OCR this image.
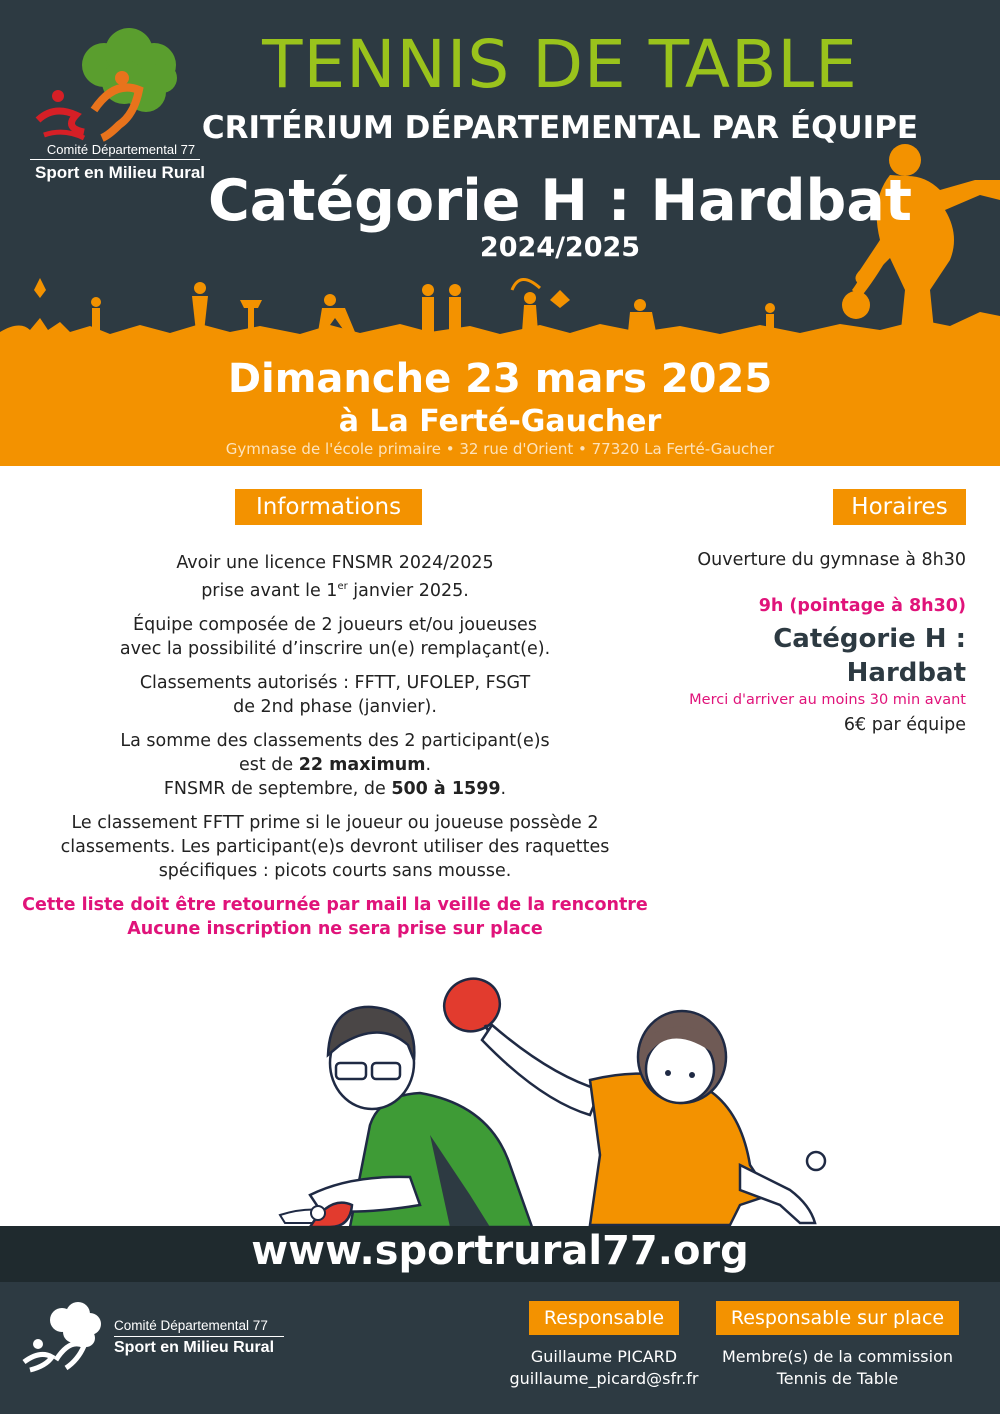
Comité Départemental 77
Sport en Milieu Rural
TENNIS DE TABLE
CRITÉRIUM DÉPARTEMENTAL PAR ÉQUIPE
Catégorie H : Hardbat
2024/2025
Dimanche 23 mars 2025
à La Ferté-Gaucher
Gymnase de l'école primaire • 32 rue d'Orient • 77320 La Ferté-Gaucher
Informations

Avoir une licence FNSMR 2024/2025
prise avant le 1er janvier 2025.

Équipe composée de 2 joueurs et/ou joueuses
avec la possibilité d’inscrire un(e) remplaçant(e).

Classements autorisés : FFTT, UFOLEP, FSGT
de 2nd phase (janvier).

La somme des classements des 2 participant(e)s
est de 22 maximum.
FNSMR de septembre, de 500 à 1599.

Le classement FFTT prime si le joueur ou joueuse possède 2
classements. Les participant(e)s devront utiliser des raquettes
spécifiques : picots courts sans mousse.

Cette liste doit être retournée par mail la veille de la rencontre
Aucune inscription ne sera prise sur place

Horaires
Ouverture du gymnase à 8h30
9h (pointage à 8h30)
Catégorie H :
Hardbat
Merci d'arriver au moins 30 min avant
6€ par équipe
www.sportrural77.org
Comité Départemental 77
Sport en Milieu Rural
Responsable
Guillaume PICARD
guillaume_picard@sfr.fr
Responsable sur place
Membre(s) de la commission
Tennis de Table
